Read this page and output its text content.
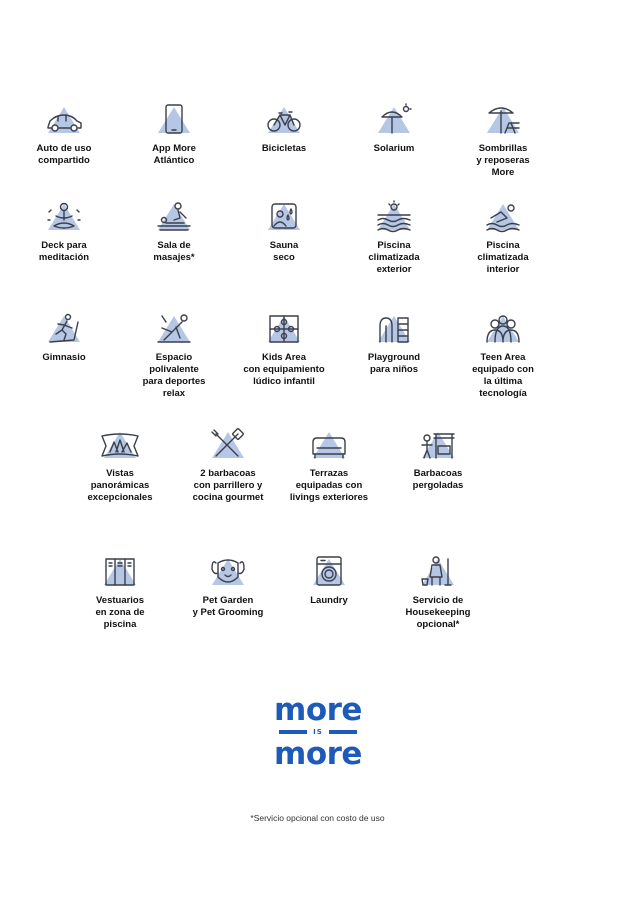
Auto de uso
compartido
App More
Atlántico
Bicicletas	Solarium	Sombrillas
y reposeras
More
Deck para
meditación
Sala de
masajes*
Sauna
seco
Piscina
climatizada
exterior
Piscina
climatizada
interior
Gimnasio	Espacio
polivalente
para deportes
relax
Kids Area
con equipamiento
lúdico infantil
Playground
para niños
Teen Area
equipado con
la última
tecnología
Vistas
panorámicas
excepcionales
2 barbacoas
con parrillero y
cocina gourmet
Terrazas
equipadas con
livings exteriores
Barbacoas
pergoladas
Vestuarios
en zona de
piscina
Pet Garden
y Pet Grooming
Laundry	Servicio de
Housekeeping
opcional*
more
IS
more
*Servicio opcional con costo de uso
